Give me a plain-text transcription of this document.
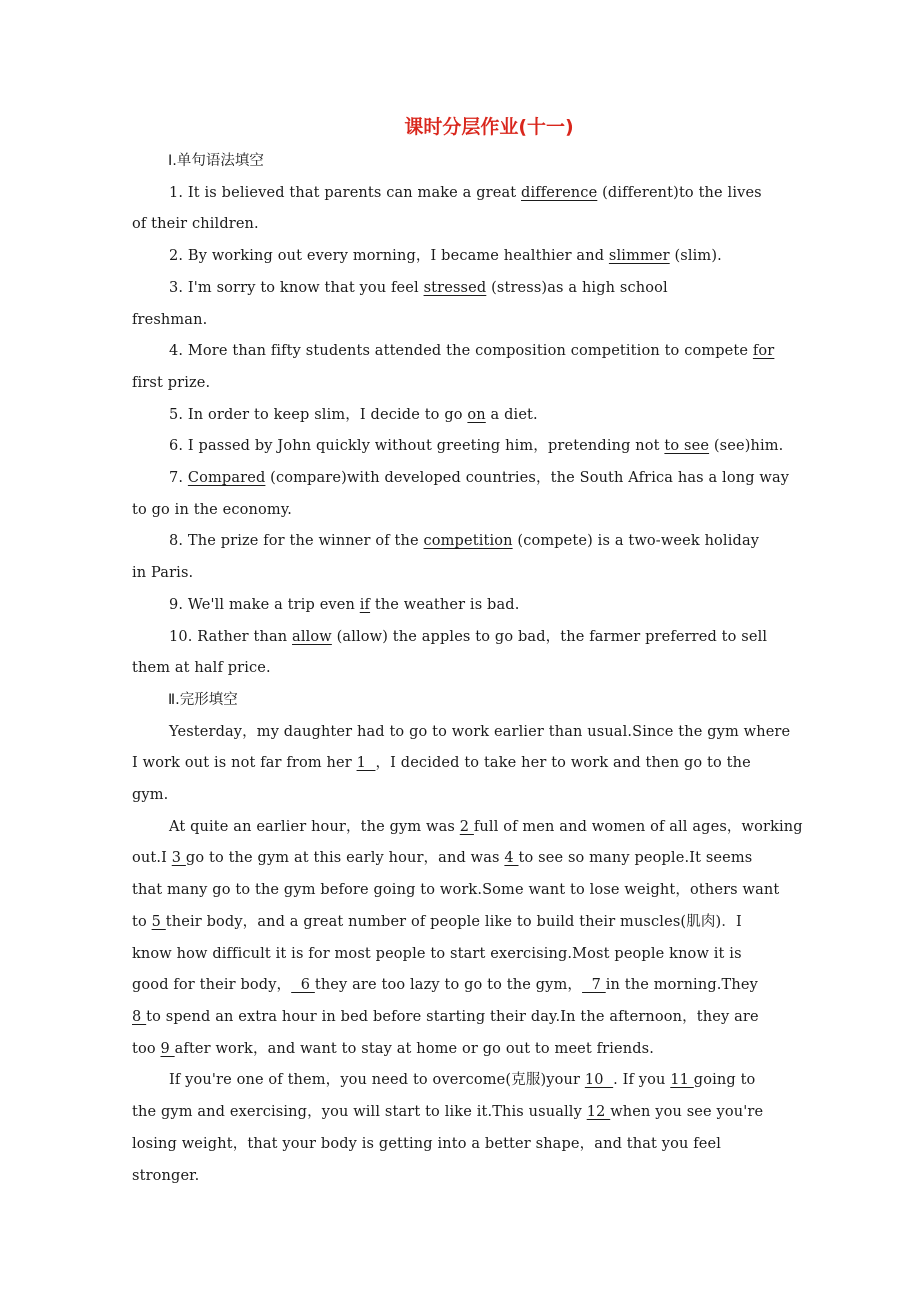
课时分层作业(十一)

Ⅰ.单句语法填空

1. It is believed that parents can make a great difference (different)to the lives

of their children.

2. By working out every morning，I became healthier and slimmer (slim).

3. I'm sorry to know that you feel stressed (stress)as a high school

freshman.

4. More than fifty students attended the composition competition to compete for

first prize.

5. In order to keep slim，I decide to go on a diet.

6. I passed by John quickly without greeting him，pretending not to see (see)him.

7. Compared (compare)with developed countries，the South Africa has a long way

to go in the economy.

8. The prize for the winner of the competition (compete) is a two-week holiday

in Paris.

9. We'll make a trip even if the weather is bad.

10. Rather than allow (allow) the apples to go bad，the farmer preferred to sell

them at half price.

Ⅱ.完形填空

Yesterday，my daughter had to go to work earlier than usual.Since the gym where

I work out is not far from her 1  ，I decided to take her to work and then go to the

gym.

At quite an earlier hour，the gym was 2 full of men and women of all ages，working

out.I 3 go to the gym at this early hour，and was 4 to see so many people.It seems

that many go to the gym before going to work.Some want to lose weight，others want

to 5 their body，and a great number of people like to build their muscles(肌肉)．I

know how difficult it is for most people to start exercising.Most people know it is

good for their body，  6 they are too lazy to go to the gym，  7 in the morning.They

8 to spend an extra hour in bed before starting their day.In the afternoon，they are

too 9 after work，and want to stay at home or go out to meet friends.

If you're one of them，you need to overcome(克服)your 10  . If you 11 going to

the gym and exercising，you will start to like it.This usually 12 when you see you're

losing weight，that your body is getting into a better shape，and that you feel

stronger.
